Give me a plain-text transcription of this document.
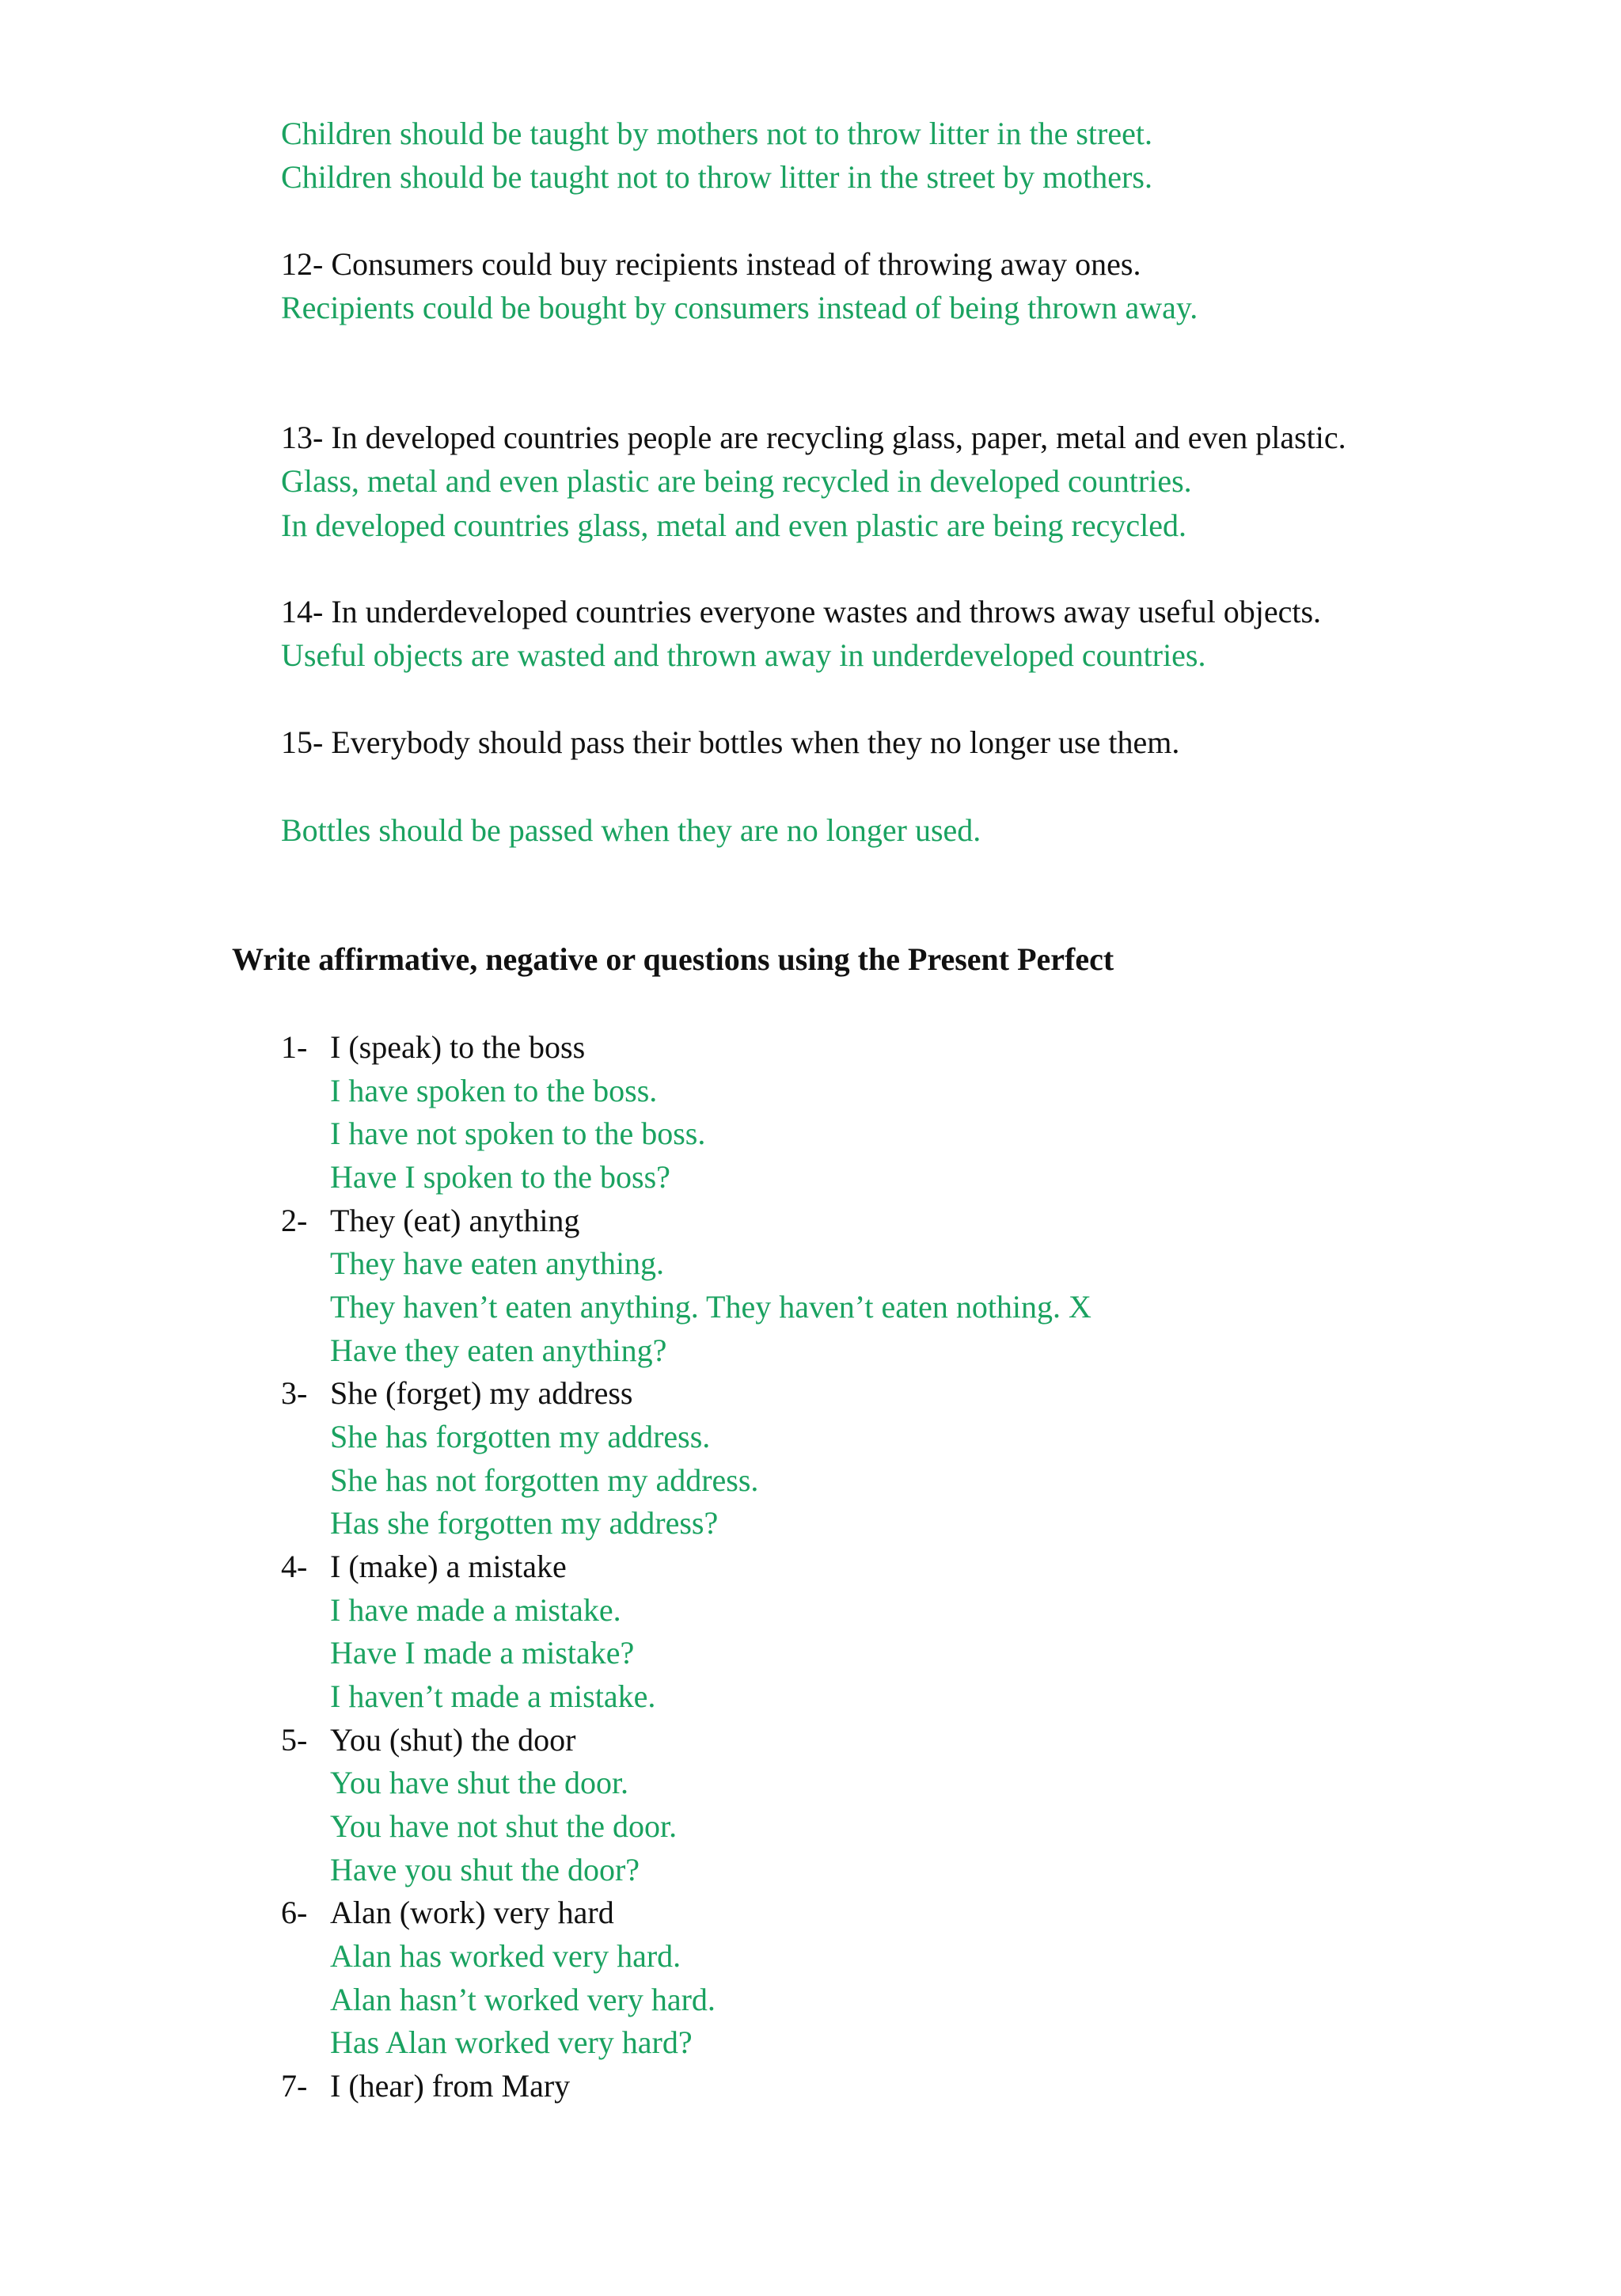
Children should be taught by mothers not to throw litter in the street.
Children should be taught not to throw litter in the street by mothers.
12- Consumers could buy recipients instead of throwing away ones.
Recipients could be bought by consumers instead of being thrown away.
13- In developed countries people are recycling glass, paper, metal and even plastic.
Glass, metal and even plastic are being recycled in developed countries.
In developed countries glass, metal and even plastic are being recycled.
14- In underdeveloped countries everyone wastes and throws away useful objects.
Useful objects are wasted and thrown away in underdeveloped countries.
15- Everybody should pass their bottles when they no longer use them.
Bottles should be passed when they are no longer used.
Write affirmative, negative or questions using the Present Perfect
1- I (speak) to the boss
I have spoken to the boss.
I have not spoken to the boss.
Have I spoken to the boss?
2- They (eat) anything
They have eaten anything.
They haven’t eaten anything. They haven’t eaten nothing. X
Have they eaten anything?
3- She (forget) my address
She has forgotten my address.
She has not forgotten my address.
Has she forgotten my address?
4- I (make) a mistake
I have made a mistake.
Have I made a mistake?
I haven’t made a mistake.
5- You (shut) the door
You have shut the door.
You have not shut the door.
Have you shut the door?
6- Alan (work) very hard
Alan has worked very hard.
Alan hasn’t worked very hard.
Has Alan worked very hard?
7- I (hear) from Mary
